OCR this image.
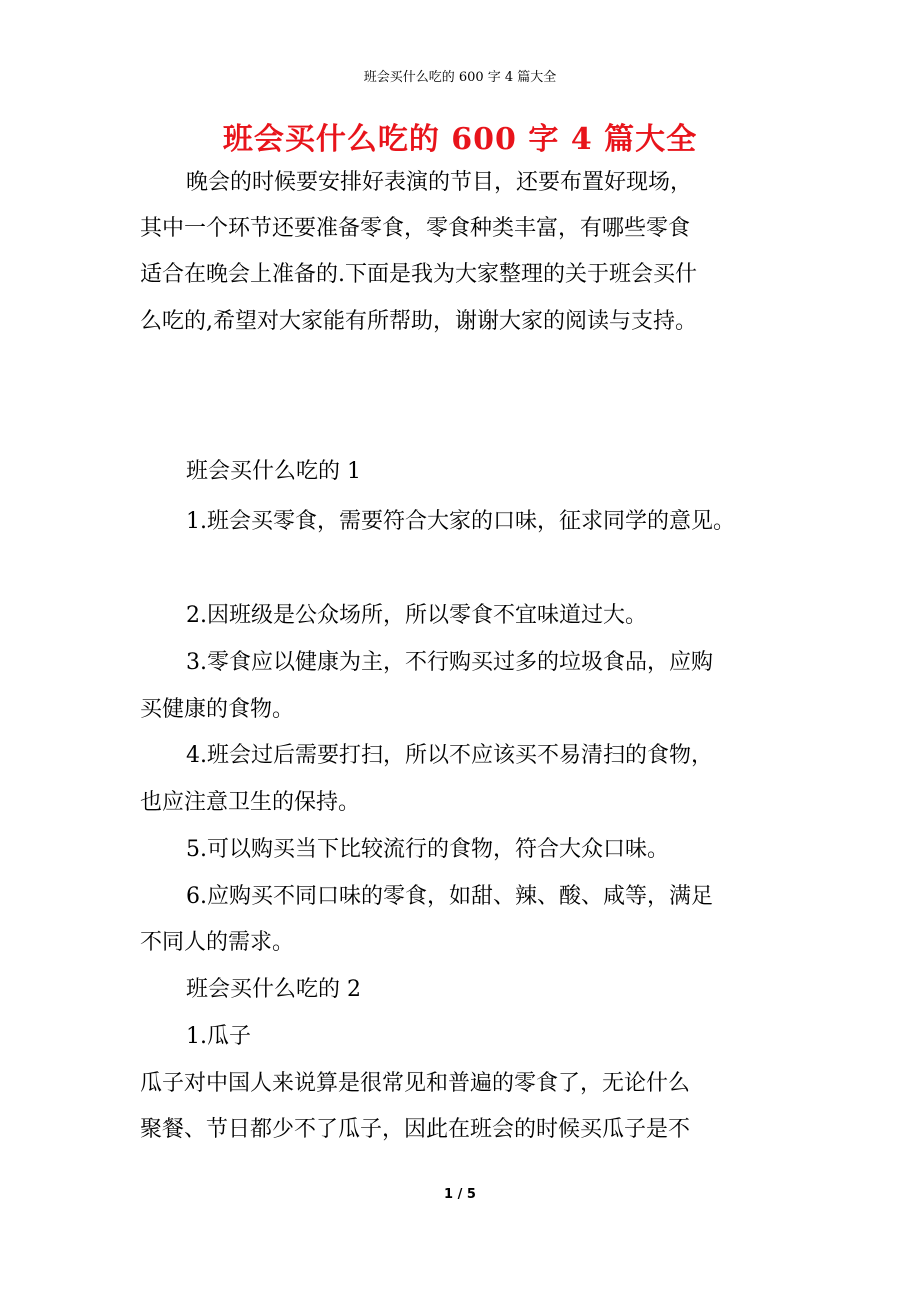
班会买什么吃的 600 字 4 篇大全
班会买什么吃的 600 字 4 篇大全
晚会的时候要安排好表演的节目，还要布置好现场，
其中一个环节还要准备零食，零食种类丰富，有哪些零食
适合在晚会上准备的.下面是我为大家整理的关于班会买什
么吃的,希望对大家能有所帮助，谢谢大家的阅读与支持。
班会买什么吃的 1
1.班会买零食，需要符合大家的口味，征求同学的意见。
2.因班级是公众场所，所以零食不宜味道过大。
3.零食应以健康为主，不行购买过多的垃圾食品，应购
买健康的食物。
4.班会过后需要打扫，所以不应该买不易清扫的食物，
也应注意卫生的保持。
5.可以购买当下比较流行的食物，符合大众口味。
6.应购买不同口味的零食，如甜、辣、酸、咸等，满足
不同人的需求。
班会买什么吃的 2
1.瓜子
瓜子对中国人来说算是很常见和普遍的零食了，无论什么
聚餐、节日都少不了瓜子，因此在班会的时候买瓜子是不
1 / 5
